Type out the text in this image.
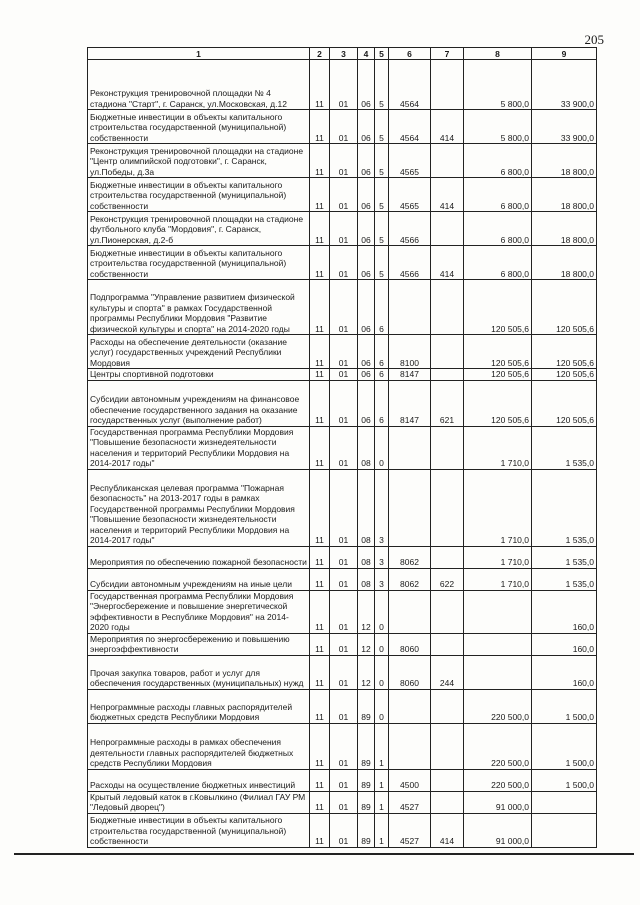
205
1	2	3	4	5	6	7	8	9
Реконструкция тренировочной площадки № 4 стадиона "Старт", г. Саранск, ул.Московская, д.12	11	01	06	5	4564		5 800,0	33 900,0
Бюджетные инвестиции в объекты капитального строительства государственной (муниципальной) собственности	11	01	06	5	4564	414	5 800,0	33 900,0
Реконструкция тренировочной площадки на стадионе "Центр олимпийской подготовки", г. Саранск, ул.Победы, д.3а	11	01	06	5	4565		6 800,0	18 800,0
Бюджетные инвестиции в объекты капитального строительства государственной (муниципальной) собственности	11	01	06	5	4565	414	6 800,0	18 800,0
Реконструкция тренировочной площадки на стадионе футбольного клуба "Мордовия", г. Саранск, ул.Пионерская, д.2-б	11	01	06	5	4566		6 800,0	18 800,0
Бюджетные инвестиции в объекты капитального строительства государственной (муниципальной) собственности	11	01	06	5	4566	414	6 800,0	18 800,0
Подпрограмма "Управление развитием физической культуры и спорта" в рамках Государственной программы Республики Мордовия "Развитие физической культуры и спорта" на 2014-2020 годы	11	01	06	6			120 505,6	120 505,6
Расходы на обеспечение деятельности (оказание услуг) государственных учреждений Республики Мордовия	11	01	06	6	8100		120 505,6	120 505,6
Центры спортивной подготовки	11	01	06	6	8147		120 505,6	120 505,6
Субсидии автономным учреждениям на финансовое обеспечение государственного задания на оказание государственных услуг (выполнение работ)	11	01	06	6	8147	621	120 505,6	120 505,6
Государственная программа Республики Мордовия "Повышение безопасности жизнедеятельности населения и территорий Республики Мордовия на 2014-2017 годы"	11	01	08	0			1 710,0	1 535,0
Республиканская целевая программа "Пожарная безопасность" на 2013-2017 годы в рамках Государственной программы Республики Мордовия "Повышение безопасности жизнедеятельности населения и территорий Республики Мордовия на 2014-2017 годы"	11	01	08	3			1 710,0	1 535,0
Мероприятия по обеспечению пожарной безопасности	11	01	08	3	8062		1 710,0	1 535,0
Субсидии автономным учреждениям на иные цели	11	01	08	3	8062	622	1 710,0	1 535,0
Государственная программа Республики Мордовия "Энергосбережение и повышение энергетической эффективности в Республике Мордовия" на 2014-2020 годы	11	01	12	0				160,0
Мероприятия по энергосбережению и повышению энергоэффективности	11	01	12	0	8060			160,0
Прочая закупка товаров, работ и услуг для обеспечения государственных (муниципальных) нужд	11	01	12	0	8060	244		160,0
Непрограммные расходы главных распорядителей бюджетных средств Республики Мордовия	11	01	89	0			220 500,0	1 500,0
Непрограммные расходы в рамках обеспечения деятельности главных распорядителей бюджетных средств Республики Мордовия	11	01	89	1			220 500,0	1 500,0
Расходы на осуществление бюджетных инвестиций	11	01	89	1	4500		220 500,0	1 500,0
Крытый ледовый каток в г.Ковылкино (Филиал ГАУ РМ "Ледовый дворец")	11	01	89	1	4527		91 000,0	
Бюджетные инвестиции в объекты капитального строительства государственной (муниципальной) собственности	11	01	89	1	4527	414	91 000,0	
